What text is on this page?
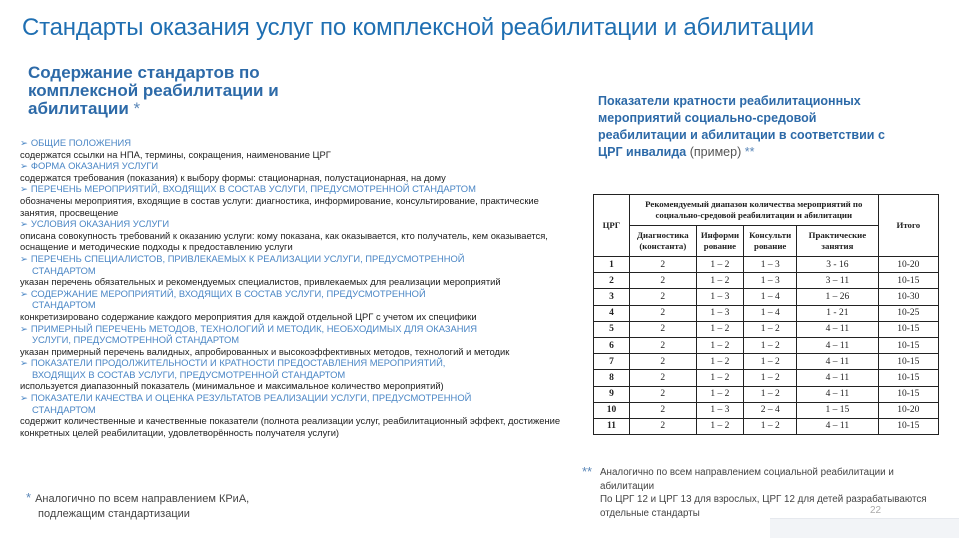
Стандарты оказания услуг по комплексной реабилитации и абилитации
Содержание стандартов по комплексной реабилитации и абилитации *
➢ ОБЩИЕ ПОЛОЖЕНИЯ
содержатся ссылки на НПА, термины, сокращения, наименование ЦРГ
➢ ФОРМА ОКАЗАНИЯ УСЛУГИ
содержатся требования (показания) к выбору формы: стационарная, полустационарная, на дому
➢ ПЕРЕЧЕНЬ МЕРОПРИЯТИЙ, ВХОДЯЩИХ В СОСТАВ УСЛУГИ, ПРЕДУСМОТРЕННОЙ СТАНДАРТОМ
обозначены мероприятия, входящие в состав услуги: диагностика, информирование, консультирование, практические занятия, просвещение
➢ УСЛОВИЯ ОКАЗАНИЯ УСЛУГИ
описана совокупность требований к оказанию услуги: кому показана, как оказывается, кто получатель, кем оказывается, оснащение и методические подходы к предоставлению услуги
➢ ПЕРЕЧЕНЬ СПЕЦИАЛИСТОВ, ПРИВЛЕКАЕМЫХ К РЕАЛИЗАЦИИ УСЛУГИ, ПРЕДУСМОТРЕННОЙ
СТАНДАРТОМ
указан перечень обязательных и рекомендуемых специалистов, привлекаемых для реализации мероприятий
➢ СОДЕРЖАНИЕ МЕРОПРИЯТИЙ, ВХОДЯЩИХ В СОСТАВ УСЛУГИ, ПРЕДУСМОТРЕННОЙ
СТАНДАРТОМ
конкретизировано содержание каждого мероприятия для каждой отдельной ЦРГ с учетом их специфики
➢ ПРИМЕРНЫЙ ПЕРЕЧЕНЬ МЕТОДОВ, ТЕХНОЛОГИЙ И МЕТОДИК, НЕОБХОДИМЫХ ДЛЯ ОКАЗАНИЯ
УСЛУГИ, ПРЕДУСМОТРЕННОЙ СТАНДАРТОМ
указан примерный перечень валидных, апробированных и высокоэффективных методов, технологий и методик
➢ ПОКАЗАТЕЛИ ПРОДОЛЖИТЕЛЬНОСТИ И КРАТНОСТИ ПРЕДОСТАВЛЕНИЯ МЕРОПРИЯТИЙ,
ВХОДЯЩИХ В СОСТАВ УСЛУГИ, ПРЕДУСМОТРЕННОЙ СТАНДАРТОМ
используется диапазонный показатель (минимальное и максимальное количество мероприятий)
➢ ПОКАЗАТЕЛИ КАЧЕСТВА И ОЦЕНКА РЕЗУЛЬТАТОВ РЕАЛИЗАЦИИ УСЛУГИ, ПРЕДУСМОТРЕННОЙ
СТАНДАРТОМ
содержит количественные и качественные показатели (полнота реализации услуг, реабилитационный эффект, достижение конкретных целей реабилитации, удовлетворённость получателя услуги)
* Аналогично по всем направлением КРиА,
подлежащим стандартизации
Показатели кратности реабилитационных мероприятий социально-средовой реабилитации и абилитации в соответствии с ЦРГ инвалида (пример) **
ЦРГ	Рекомендуемый диапазон количества мероприятий по социально-средовой реабилитации и абилитации				Итого
	Диагностика (константа)	Информи рование	Консульти рование	Практические занятия	
1	2	1 – 2	1 – 3	3 - 16	10-20
2	2	1 – 2	1 – 3	3 – 11	10-15
3	2	1 – 3	1 – 4	1 – 26	10-30
4	2	1 – 3	1 – 4	1 - 21	10-25
5	2	1 – 2	1 – 2	4 – 11	10-15
6	2	1 – 2	1 – 2	4 – 11	10-15
7	2	1 – 2	1 – 2	4 – 11	10-15
8	2	1 – 2	1 – 2	4 – 11	10-15
9	2	1 – 2	1 – 2	4 – 11	10-15
10	2	1 – 3	2 – 4	1 – 15	10-20
11	2	1 – 2	1 – 2	4 – 11	10-15
** Аналогично по всем направлением социальной реабилитации и
абилитации
По ЦРГ 12 и ЦРГ 13 для взрослых, ЦРГ 12 для детей разрабатываются
отдельные стандарты	22
